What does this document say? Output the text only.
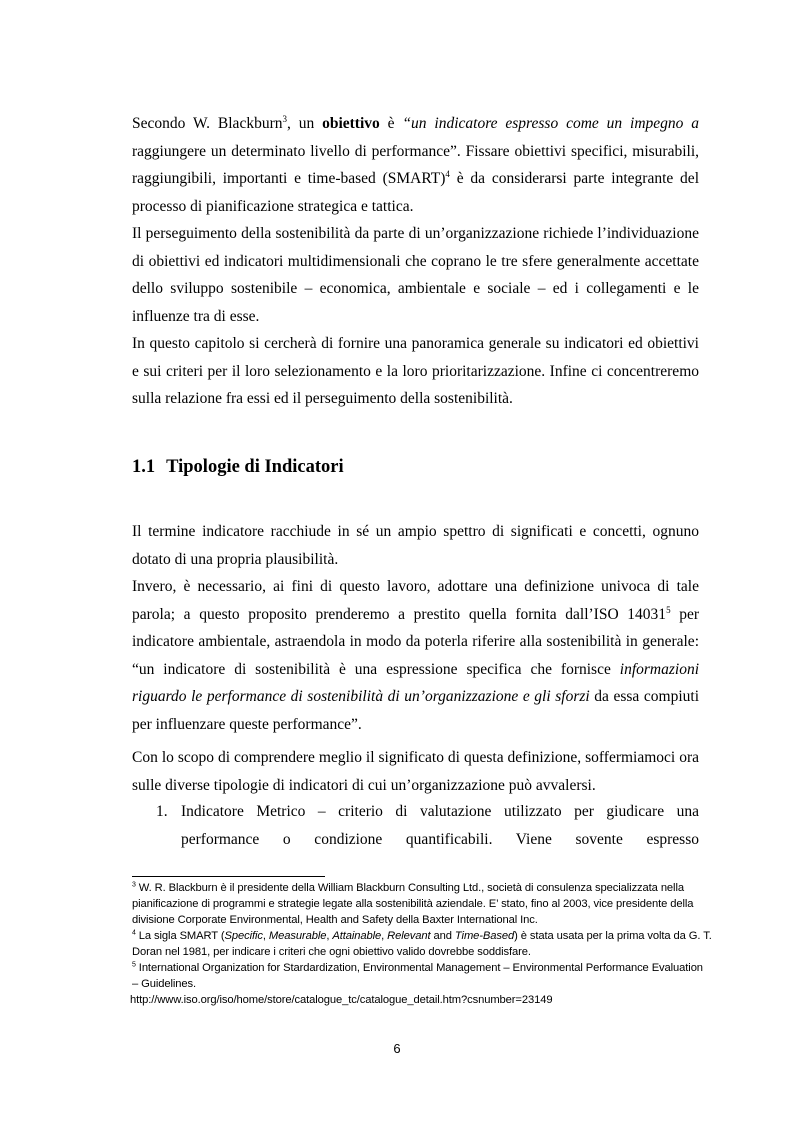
Secondo W. Blackburn$^3$, un obiettivo è “un indicatore espresso come un impegno a raggiungere un determinato livello di performance”. Fissare obiettivi specifici, misurabili, raggiungibili, importanti e time-based (SMART)$^4$ è da considerarsi parte integrante del processo di pianificazione strategica e tattica.

Il perseguimento della sostenibilità da parte di un’organizzazione richiede l’individuazione di obiettivi ed indicatori multidimensionali che coprano le tre sfere generalmente accettate dello sviluppo sostenibile – economica, ambientale e sociale – ed i collegamenti e le influenze tra di esse.

In questo capitolo si cercherà di fornire una panoramica generale su indicatori ed obiettivi e sui criteri per il loro selezionamento e la loro prioritarizzazione. Infine ci concentreremo sulla relazione fra essi ed il perseguimento della sostenibilità.

1.1 Tipologie di Indicatori

Il termine indicatore racchiude in sé un ampio spettro di significati e concetti, ognuno dotato di una propria plausibilità.

Invero, è necessario, ai fini di questo lavoro, adottare una definizione univoca di tale parola; a questo proposito prenderemo a prestito quella fornita dall’ISO 14031$^5$ per indicatore ambientale, astraendola in modo da poterla riferire alla sostenibilità in generale: “un indicatore di sostenibilità è una espressione specifica che fornisce informazioni riguardo le performance di sostenibilità di un’organizzazione e gli sforzi da essa compiuti per influenzare queste performance”.

Con lo scopo di comprendere meglio il significato di questa definizione, soffermiamoci ora sulle diverse tipologie di indicatori di cui un’organizzazione può avvalersi.

1. Indicatore Metrico – criterio di valutazione utilizzato per giudicare una
performance o condizione quantificabili. Viene sovente espresso

$^3$ W. R. Blackburn è il presidente della William Blackburn Consulting Ltd., società di consulenza specializzata nella pianificazione di programmi e strategie legate alla sostenibilità aziendale. E’ stato, fino al 2003, vice presidente della divisione Corporate Environmental, Health and Safety della Baxter International Inc.

$^4$ La sigla SMART (Specific, Measurable, Attainable, Relevant and Time-Based) è stata usata per la prima volta da G. T. Doran nel 1981, per indicare i criteri che ogni obiettivo valido dovrebbe soddisfare.

$^5$ International Organization for Stardardization, Environmental Management – Environmental Performance Evaluation – Guidelines.

http://www.iso.org/iso/home/store/catalogue_tc/catalogue_detail.htm?csnumber=23149

6
